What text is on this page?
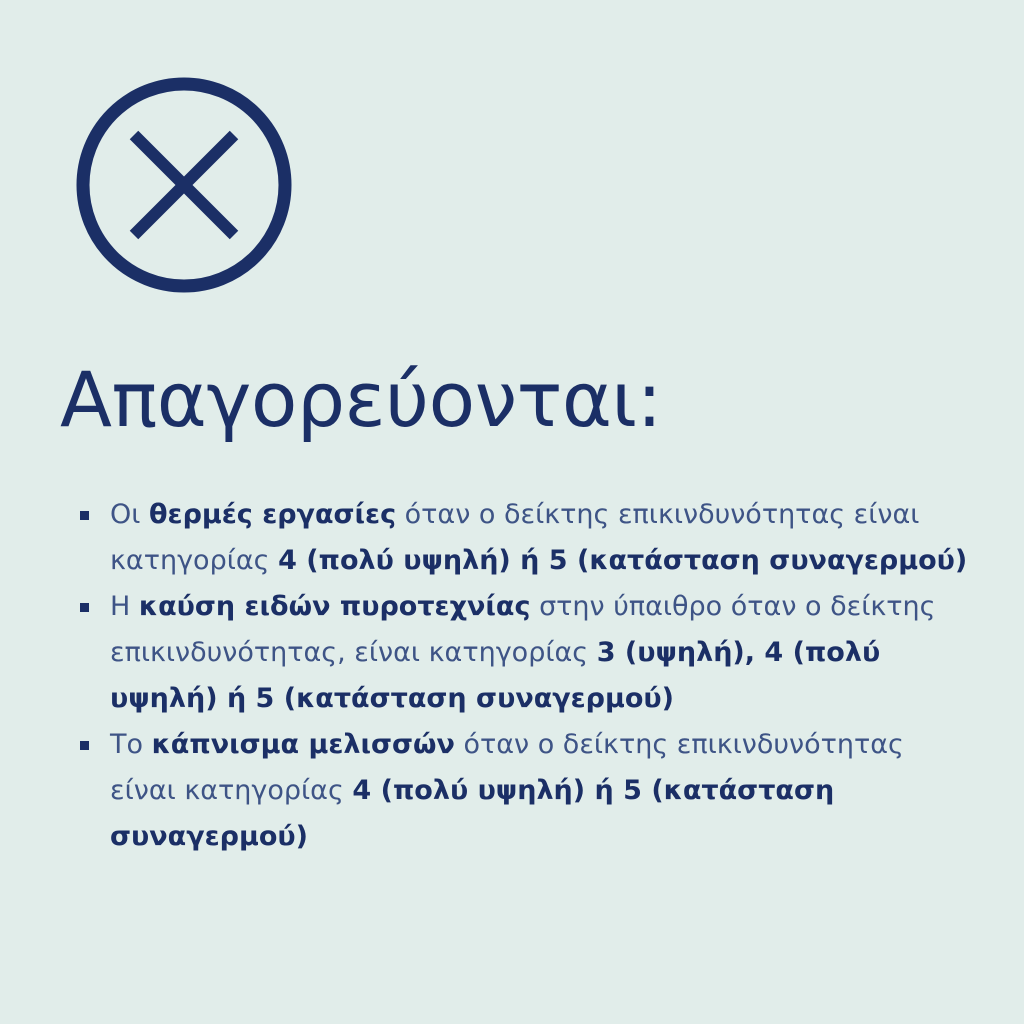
Απαγορεύονται:
Οι θερμές εργασίες όταν ο δείκτης επικινδυνότητας είναι κατηγορίας 4 (πολύ υψηλή) ή 5 (κατάσταση συναγερμού)
Η καύση ειδών πυροτεχνίας στην ύπαιθρο όταν ο δείκτης επικινδυνότητας, είναι κατηγορίας 3 (υψηλή), 4 (πολύ υψηλή) ή 5 (κατάσταση συναγερμού)
Το κάπνισμα μελισσών όταν ο δείκτης επικινδυνότητας είναι κατηγορίας 4 (πολύ υψηλή) ή 5 (κατάσταση συναγερμού)
